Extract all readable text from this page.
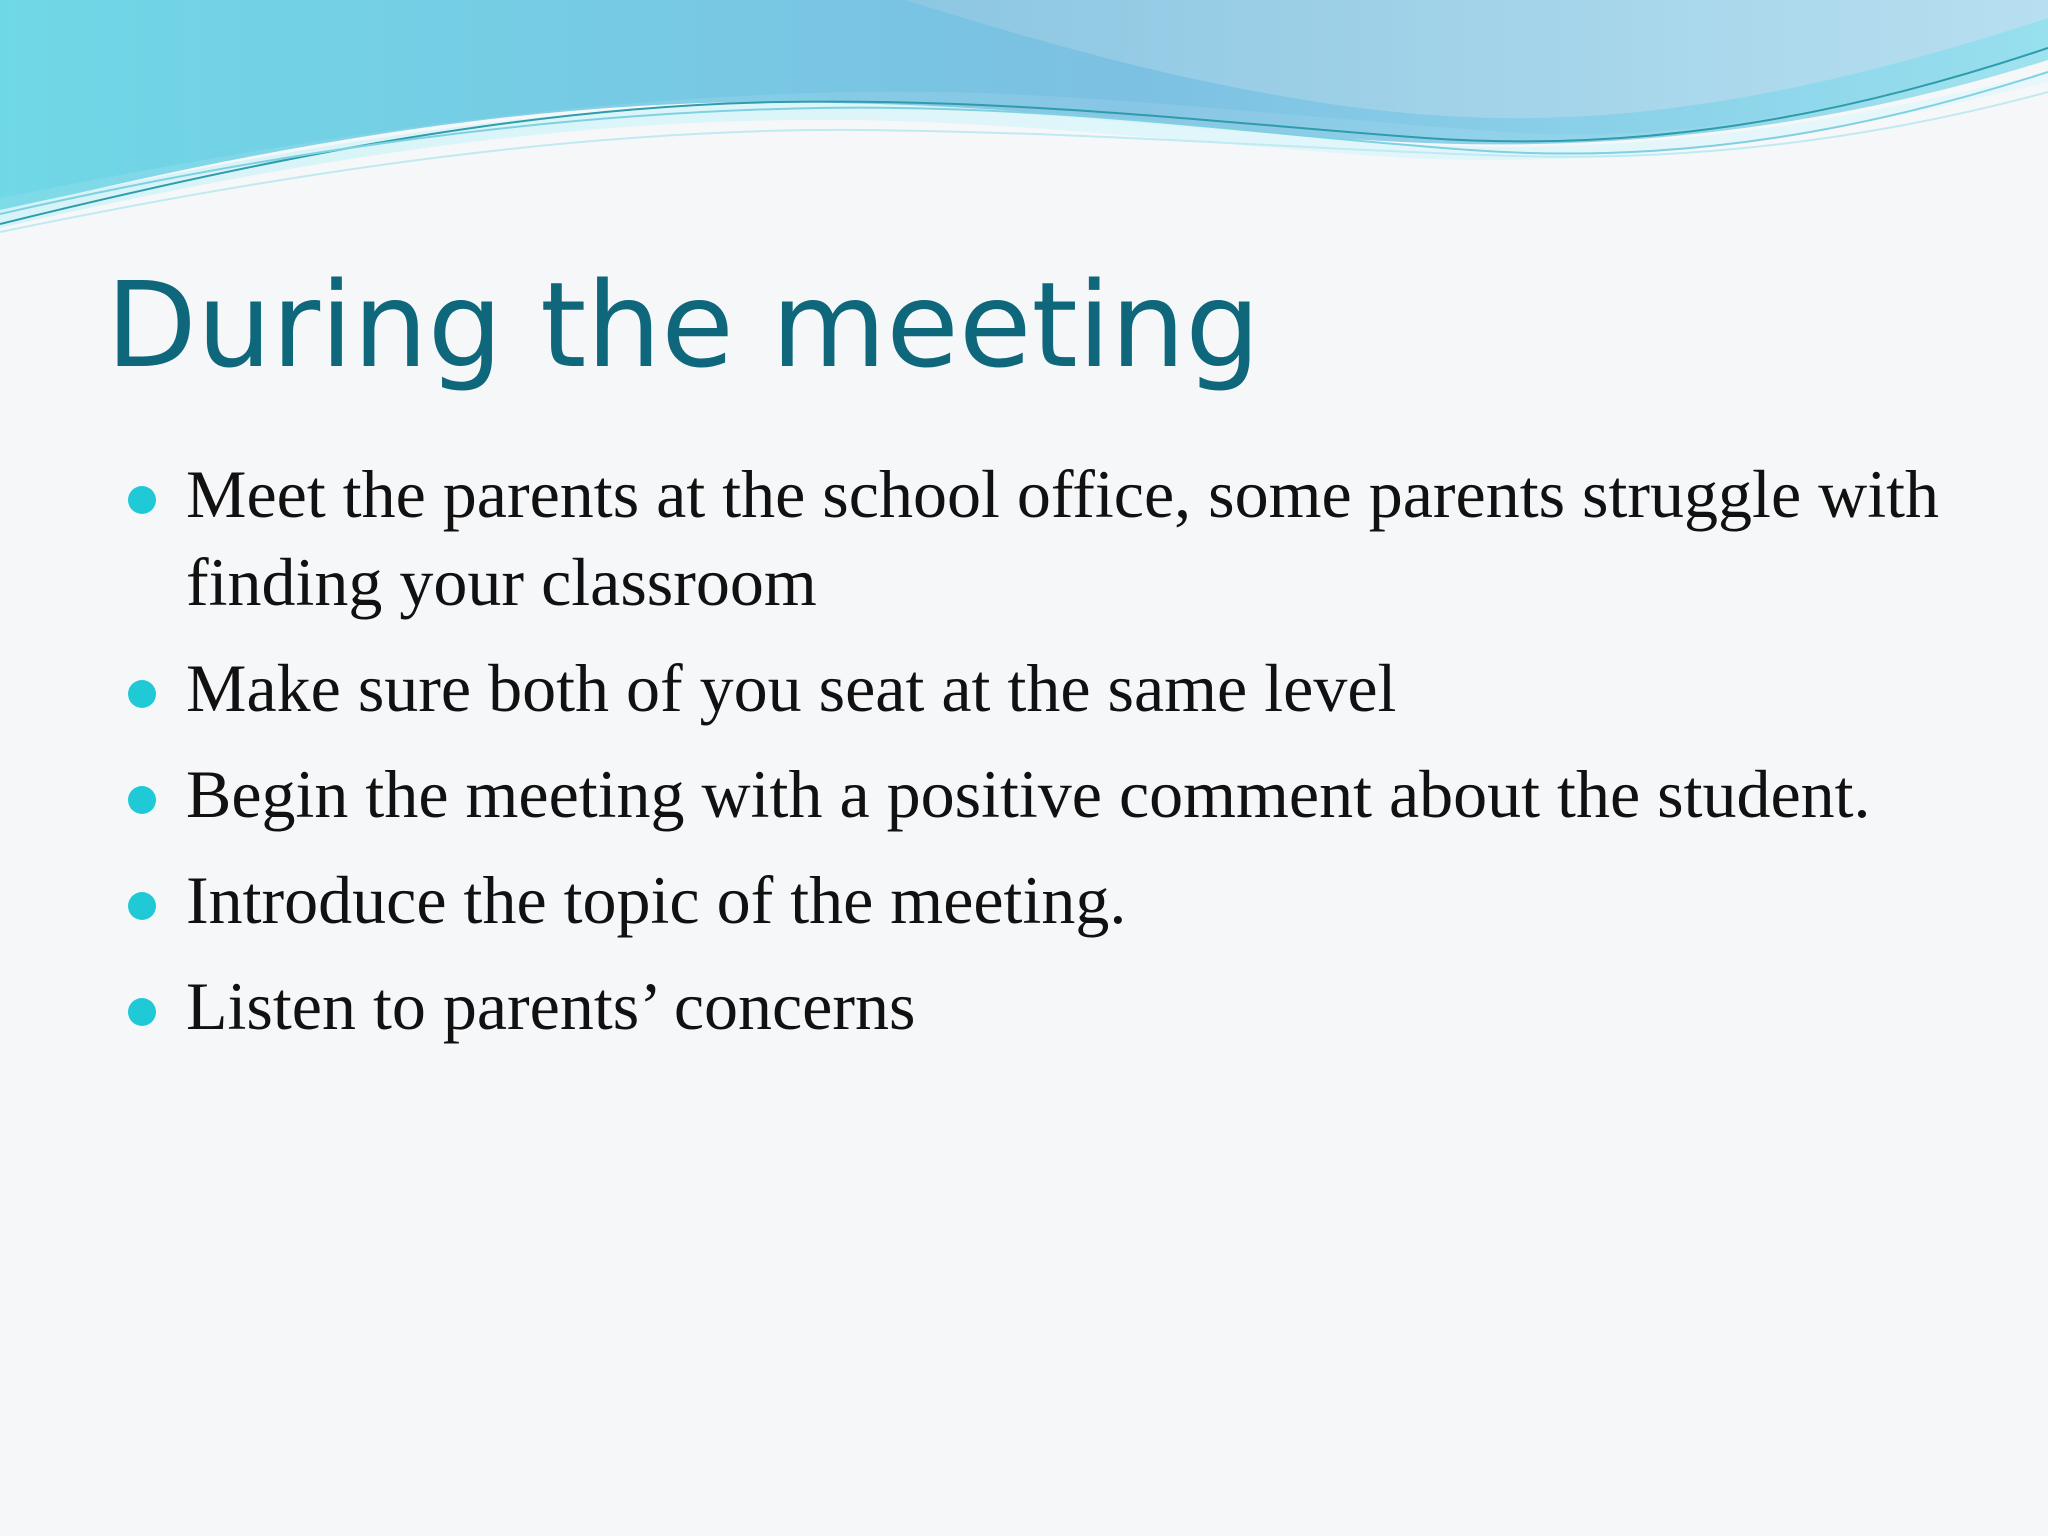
During the meeting
Meet the parents at the school office, some parents struggle with finding your classroom
Make sure both of you seat at the same level
Begin the meeting with a positive comment about the student.
Introduce the topic of the meeting.
Listen to parents’ concerns
